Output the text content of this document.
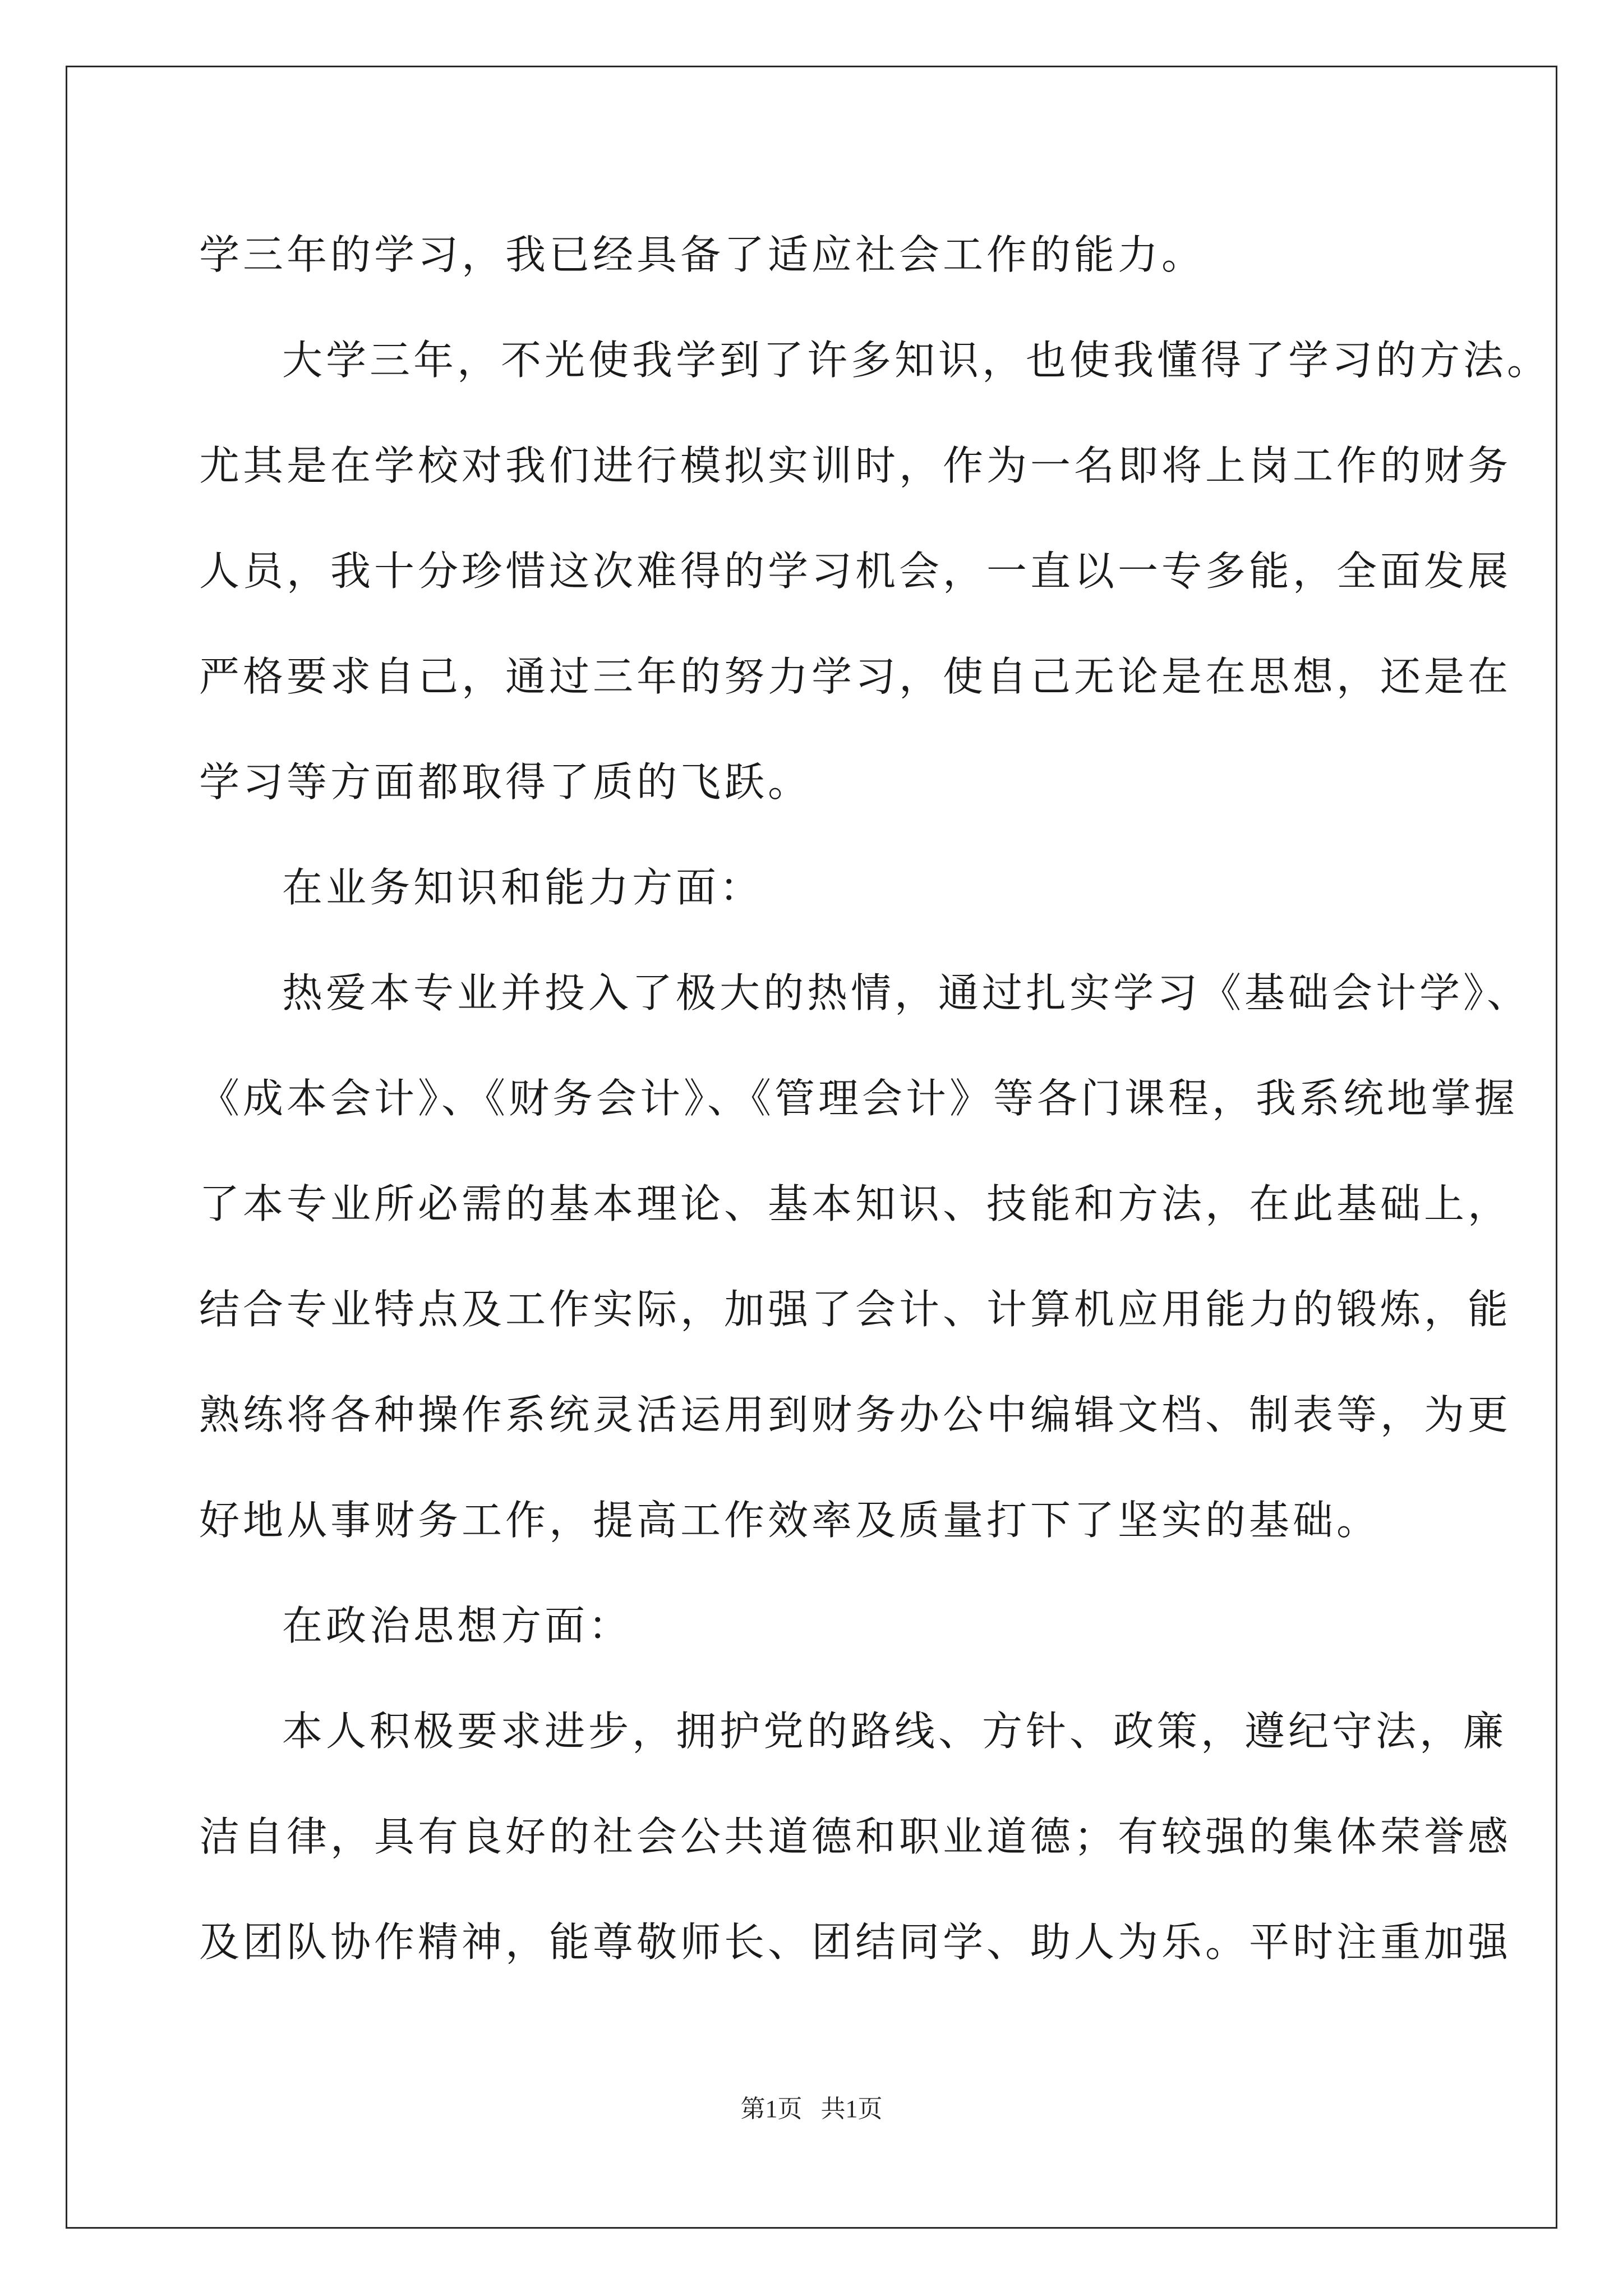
学三年的学习，我已经具备了适应社会工作的能力。
大学三年，不光使我学到了许多知识，也使我懂得了学习的方法。
尤其是在学校对我们进行模拟实训时，作为一名即将上岗工作的财务
人员，我十分珍惜这次难得的学习机会，一直以一专多能，全面发展
严格要求自己，通过三年的努力学习，使自己无论是在思想，还是在
学习等方面都取得了质的飞跃。
在业务知识和能力方面：
热爱本专业并投入了极大的热情，通过扎实学习《基础会计学》、
《成本会计》、《财务会计》、《管理会计》等各门课程，我系统地掌握
了本专业所必需的基本理论、基本知识、技能和方法，在此基础上，
结合专业特点及工作实际，加强了会计、计算机应用能力的锻炼，能
熟练将各种操作系统灵活运用到财务办公中编辑文档、制表等，为更
好地从事财务工作，提高工作效率及质量打下了坚实的基础。
在政治思想方面：
本人积极要求进步，拥护党的路线、方针、政策，遵纪守法，廉
洁自律，具有良好的社会公共道德和职业道德；有较强的集体荣誉感
及团队协作精神，能尊敬师长、团结同学、助人为乐。平时注重加强
第1页   共1页
